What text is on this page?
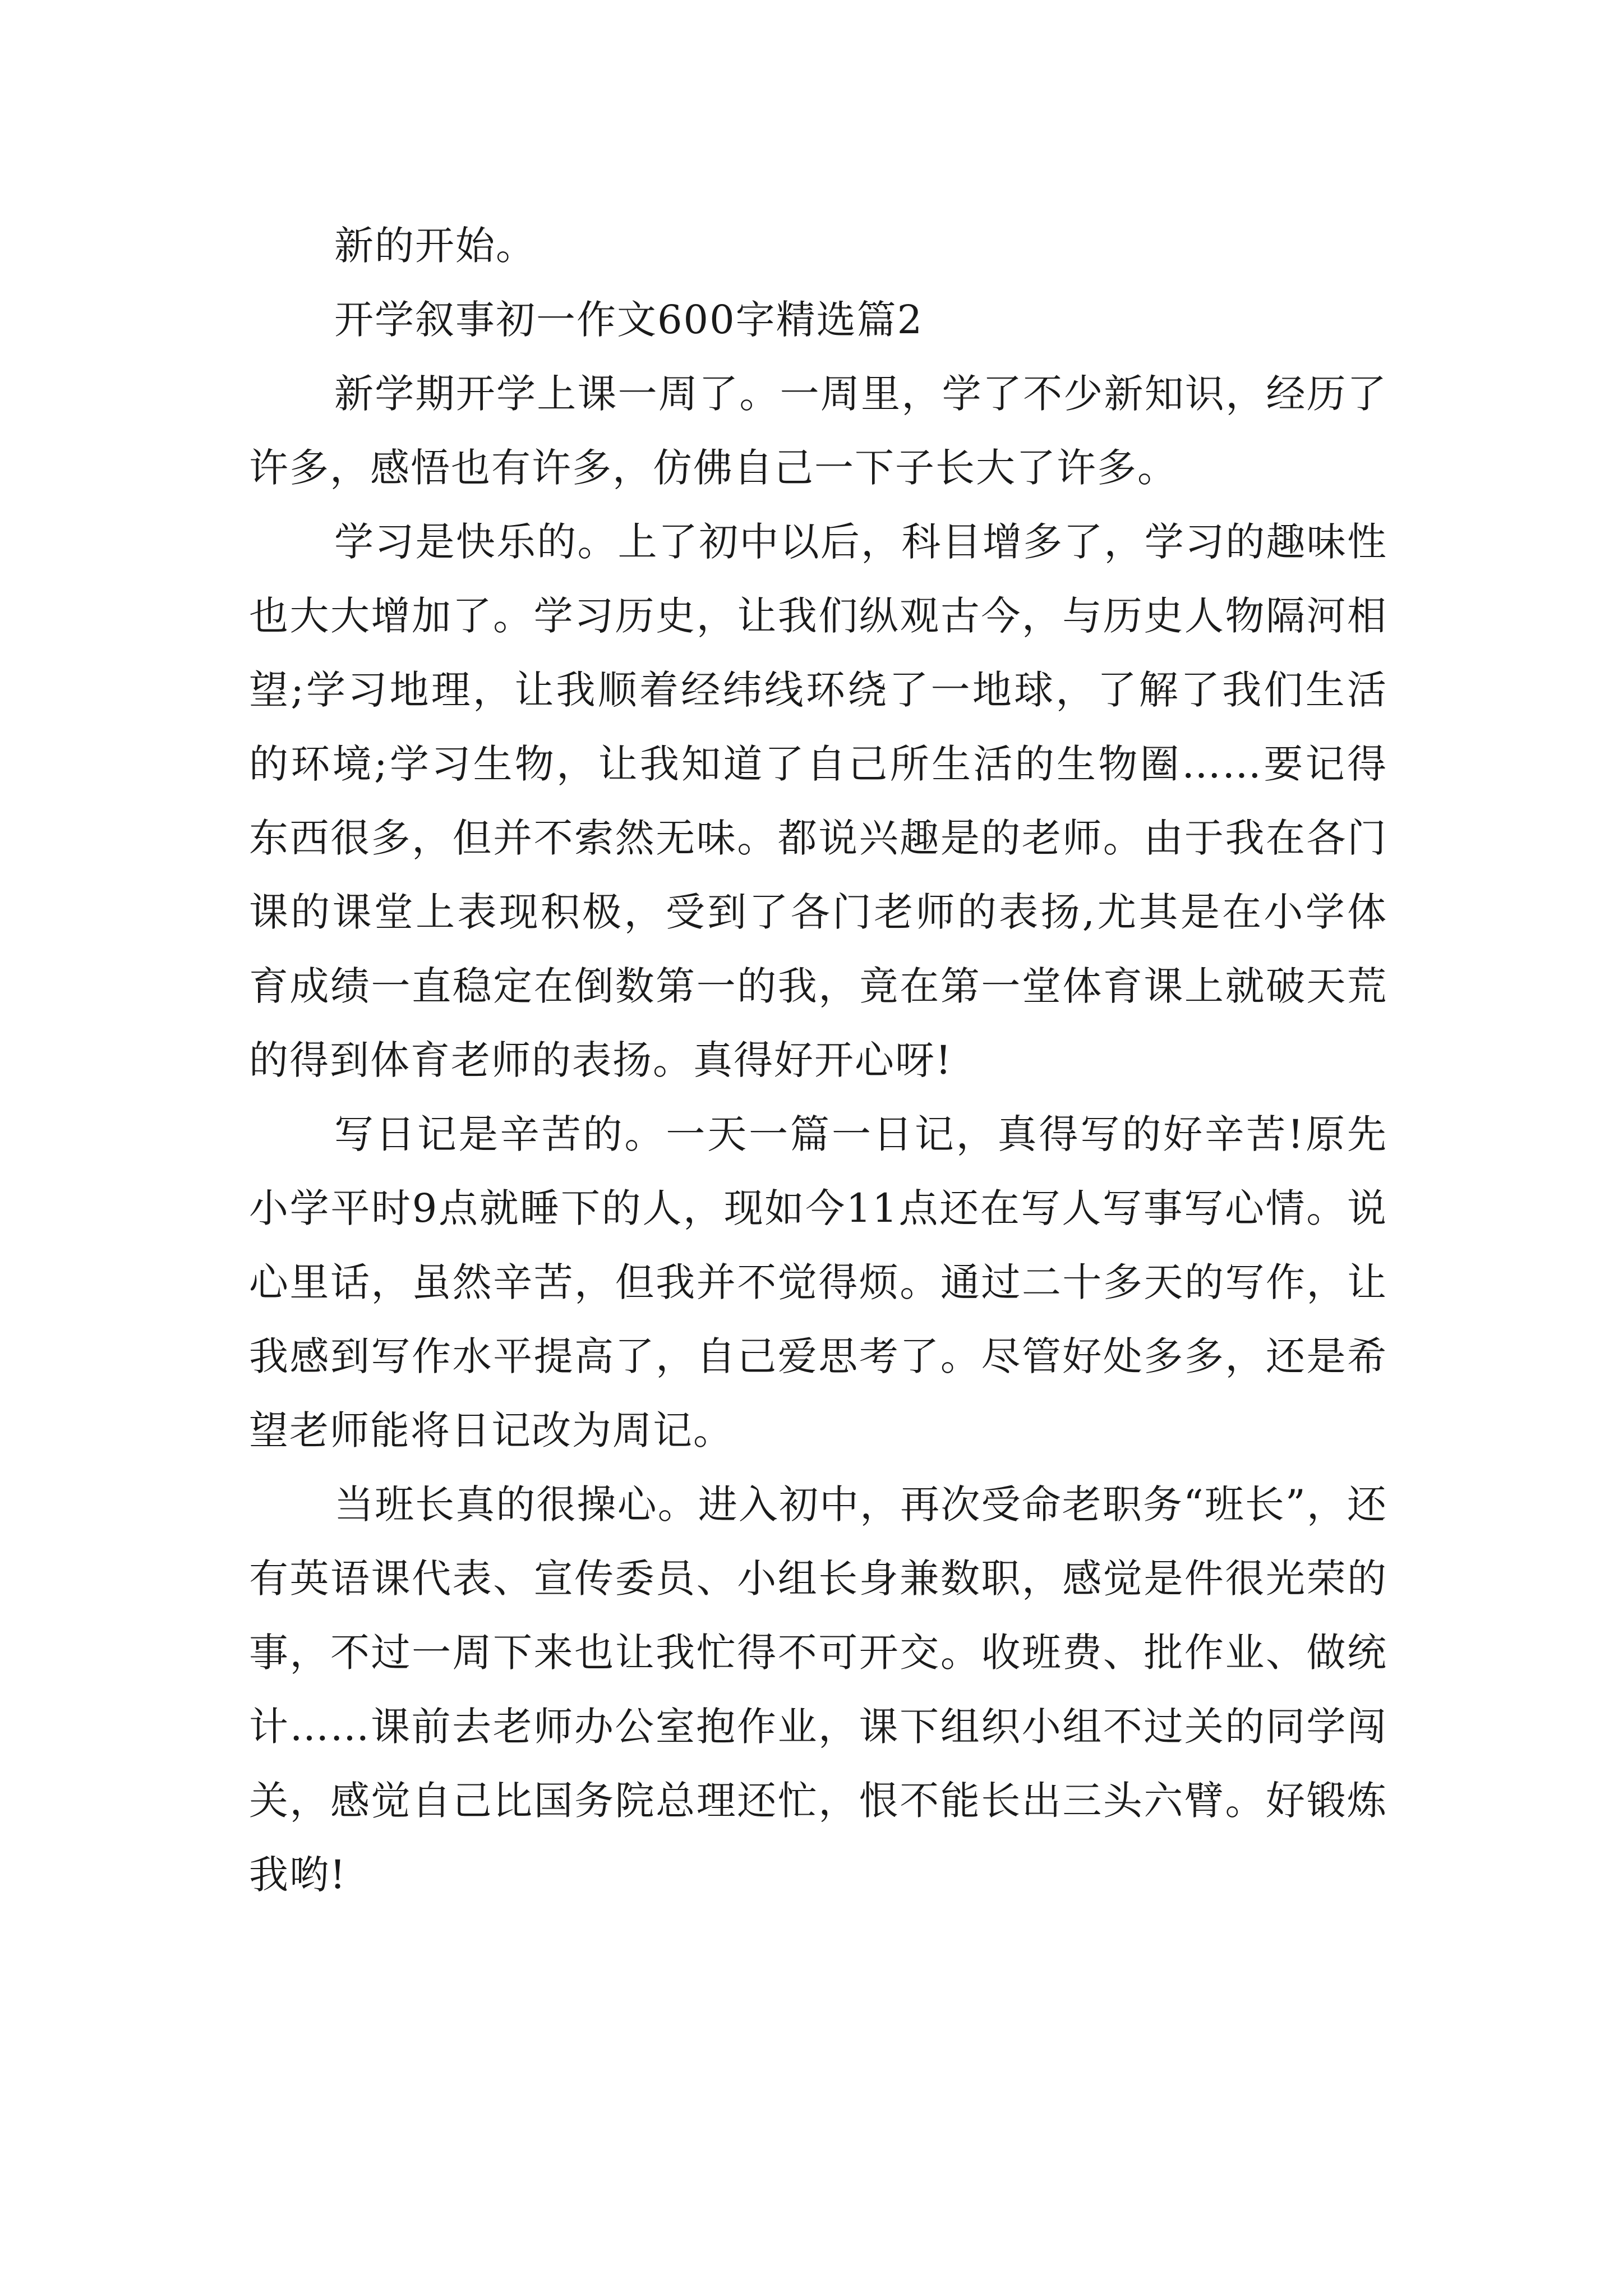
新的开始。

开学叙事初一作文600字精选篇2

新学期开学上课一周了。一周里，学了不少新知识，经历了许多，感悟也有许多，仿佛自己一下子长大了许多。

学习是快乐的。上了初中以后，科目增多了，学习的趣味性也大大增加了。学习历史，让我们纵观古今，与历史人物隔河相望;学习地理，让我顺着经纬线环绕了一地球，了解了我们生活的环境;学习生物，让我知道了自己所生活的生物圈……要记得东西很多，但并不索然无味。都说兴趣是的老师。由于我在各门课的课堂上表现积极，受到了各门老师的表扬,尤其是在小学体育成绩一直稳定在倒数第一的我，竟在第一堂体育课上就破天荒的得到体育老师的表扬。真得好开心呀!

写日记是辛苦的。一天一篇一日记，真得写的好辛苦!原先小学平时9点就睡下的人，现如今11点还在写人写事写心情。说心里话，虽然辛苦，但我并不觉得烦。通过二十多天的写作，让我感到写作水平提高了，自己爱思考了。尽管好处多多，还是希望老师能将日记改为周记。

当班长真的很操心。进入初中，再次受命老职务“班长”，还有英语课代表、宣传委员、小组长身兼数职，感觉是件很光荣的事，不过一周下来也让我忙得不可开交。收班费、批作业、做统计……课前去老师办公室抱作业，课下组织小组不过关的同学闯关，感觉自己比国务院总理还忙，恨不能长出三头六臂。好锻炼我哟!
